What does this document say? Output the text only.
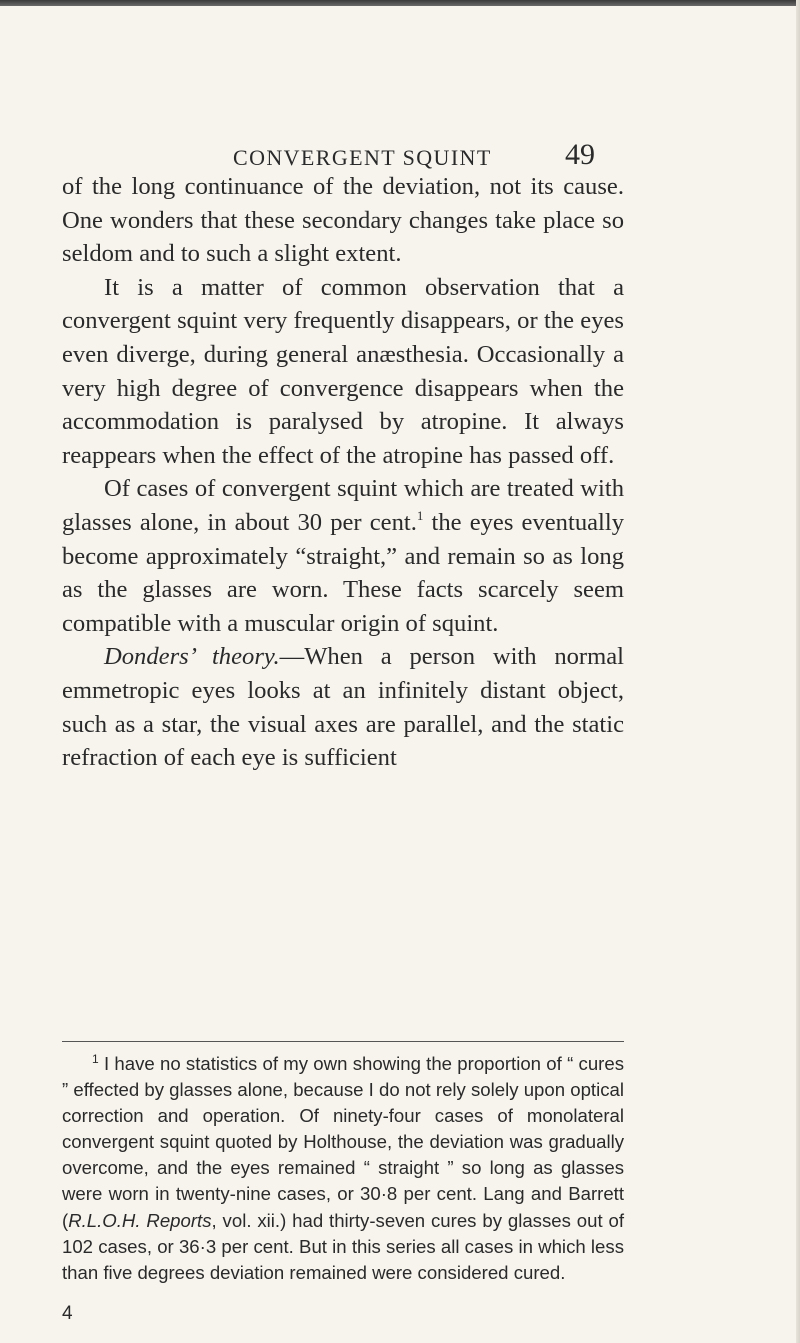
CONVERGENT SQUINT 49

of the long continuance of the deviation, not its cause. One wonders that these secondary changes take place so seldom and to such a slight extent.

It is a matter of common observation that a convergent squint very frequently disappears, or the eyes even diverge, during general anæsthesia. Occasionally a very high degree of convergence disappears when the accommodation is paralysed by atropine. It always reappears when the effect of the atropine has passed off.

Of cases of convergent squint which are treated with glasses alone, in about 30 per cent.$^1$ the eyes eventually become approximately “straight,” and remain so as long as the glasses are worn. These facts scarcely seem compatible with a muscular origin of squint.

Donders’ theory.—When a person with normal emmetropic eyes looks at an infinitely distant object, such as a star, the visual axes are parallel, and the static refraction of each eye is sufficient

$^1$ I have no statistics of my own showing the proportion of “ cures ” effected by glasses alone, because I do not rely solely upon optical correction and operation. Of ninety-four cases of monolateral convergent squint quoted by Holthouse, the deviation was gradually overcome, and the eyes remained “ straight ” so long as glasses were worn in twenty-nine cases, or 30·8 per cent. Lang and Barrett (R.L.O.H. Reports, vol. xii.) had thirty-seven cures by glasses out of 102 cases, or 36·3 per cent. But in this series all cases in which less than five degrees deviation remained were considered cured.

4
